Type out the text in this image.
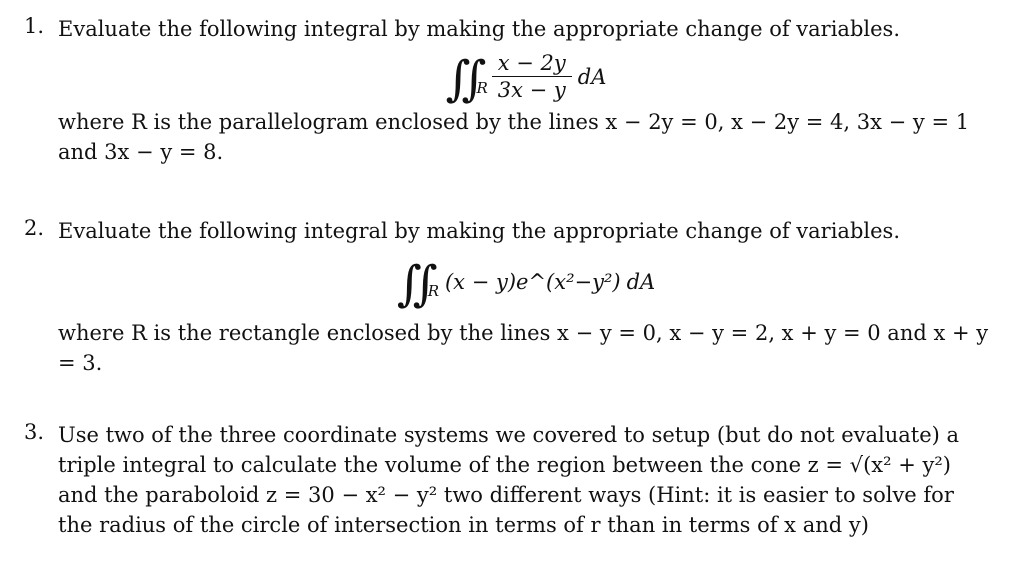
1. Evaluate the following integral by making the appropriate change of variables.
∬ R $\frac{x - 2y}{3x - y}$ dA
where R is the parallelogram enclosed by the lines x − 2y = 0, x − 2y = 4, 3x − y = 1 and 3x − y = 8.
2. Evaluate the following integral by making the appropriate change of variables.
∬ R (x − y)e^(x²−y²) dA
where R is the rectangle enclosed by the lines x − y = 0, x − y = 2, x + y = 0 and x + y = 3.
3. Use two of the three coordinate systems we covered to setup (but do not evaluate) a triple integral to calculate the volume of the region between the cone z = √(x² + y²) and the paraboloid z = 30 − x² − y² two different ways (Hint: it is easier to solve for the radius of the circle of intersection in terms of r than in terms of x and y)
